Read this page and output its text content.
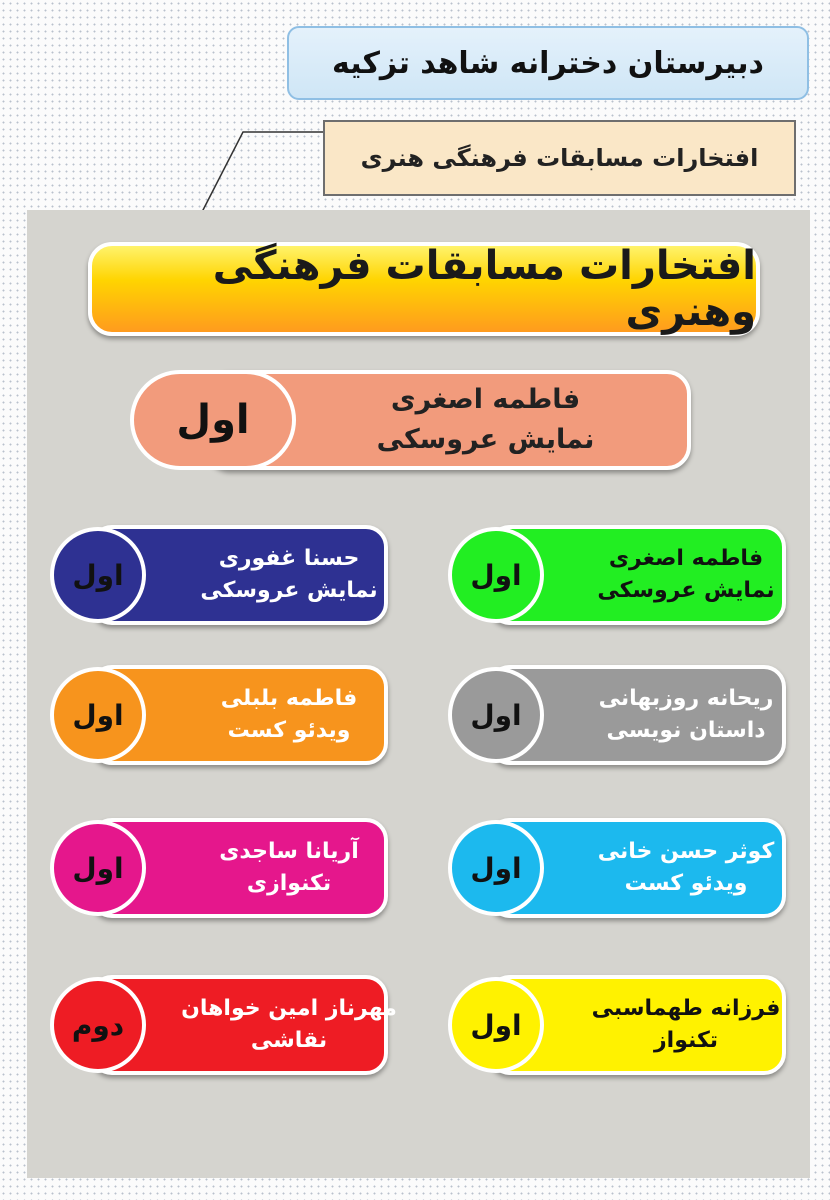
دبیرستان دخترانه شاهد تزکیه
افتخارات مسابقات فرهنگی هنری
افتخارات مسابقات فرهنگی وهنری
فاطمه اصغری
نمایش عروسکی
اول
فاطمه اصغری
نمایش عروسکی
اول
حسنا غفوری
نمایش عروسکی
اول
ریحانه روزبهانی
داستان نویسی
اول
فاطمه بلبلی
ویدئو کست
اول
کوثر حسن خانی
ویدئو کست
اول
آریانا ساجدی
تکنوازی
اول
فرزانه طهماسبی
تکنواز
اول
مهرناز امین خواهان
نقاشی
دوم
